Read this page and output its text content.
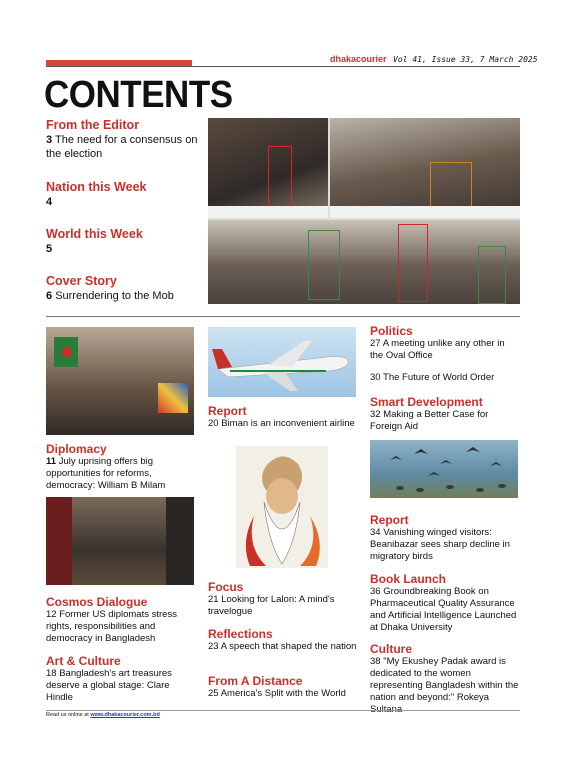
dhakacourier Vol 41, Issue 33, 7 March 2025
CONTENTS
From the Editor
3 The need for a consensus on the election
Nation this Week
4
World this Week
5
Cover Story
6 Surrendering to the Mob
Diplomacy
11 July uprising offers big opportunities for reforms, democracy: William B Milam
Cosmos Dialogue
12 Former US diplomats stress rights, responsibilities and democracy in Bangladesh
Art & Culture
18 Bangladesh's art treasures deserve a global stage: Clare Hindle
Report
20 Biman is an inconvenient airline
Focus
21 Looking for Lalon: A mind's travelogue
Reflections
23 A speech that shaped the nation
From A Distance
25 America's Split with the World
Politics
27 A meeting unlike any other in the Oval Office
30 The Future of World Order
Smart Development
32 Making a Better Case for Foreign Aid
Report
34 Vanishing winged visitors: Beanibazar sees sharp decline in migratory birds
Book Launch
36 Groundbreaking Book on Pharmaceutical Quality Assurance and Artificial Intelligence Launched at Dhaka University
Culture
38 "My Ekushey Padak award is dedicated to the women representing Bangladesh within the nation and beyond:" Rokeya
Read us online at www.dhakacourier.com.bd
